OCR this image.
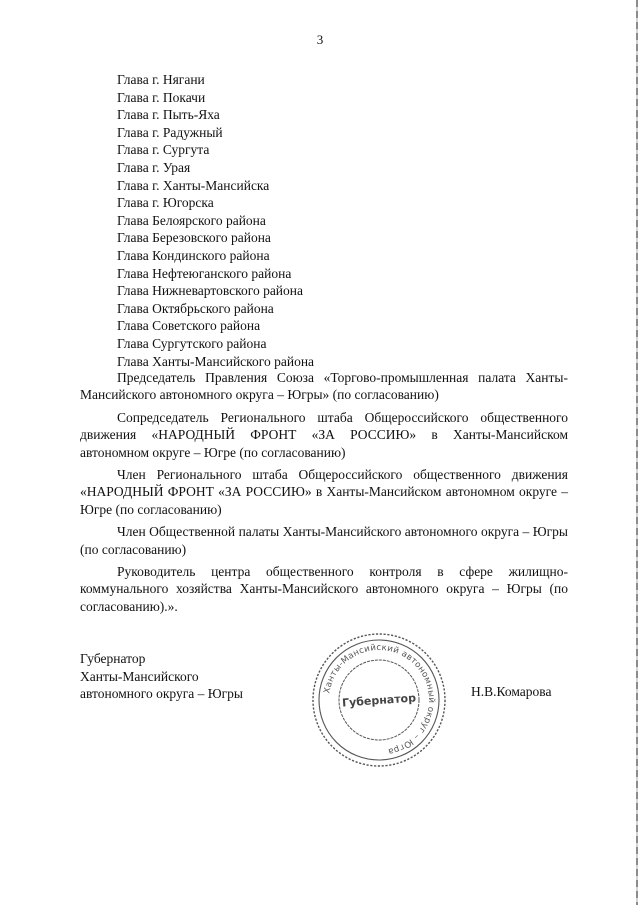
3
Глава г. Нягани
Глава г. Покачи
Глава г. Пыть-Яха
Глава г. Радужный
Глава г. Сургута
Глава г. Урая
Глава г. Ханты-Мансийска
Глава г. Югорска
Глава Белоярского района
Глава Березовского района
Глава Кондинского района
Глава Нефтеюганского района
Глава Нижневартовского района
Глава Октябрьского района
Глава Советского района
Глава Сургутского района
Глава Ханты-Мансийского района

Председатель Правления Союза «Торгово-промышленная палата Ханты-Мансийского автономного округа – Югры» (по согласованию)

Сопредседатель Регионального штаба Общероссийского общественного движения «НАРОДНЫЙ ФРОНТ «ЗА РОССИЮ» в Ханты-Мансийском автономном округе – Югре (по согласованию)

Член Регионального штаба Общероссийского общественного движения «НАРОДНЫЙ ФРОНТ «ЗА РОССИЮ» в Ханты-Мансийском автономном округе – Югре (по согласованию)

Член Общественной палаты Ханты-Мансийского автономного округа – Югры (по согласованию)

Руководитель центра общественного контроля в сфере жилищно-коммунального хозяйства Ханты-Мансийского автономного округа – Югры (по согласованию).».

Губернатор
Ханты-Мансийского
автономного округа – Югры	Ханты-Мансийский автономный округ – Югра
Губернатор	Н.В.Комарова
